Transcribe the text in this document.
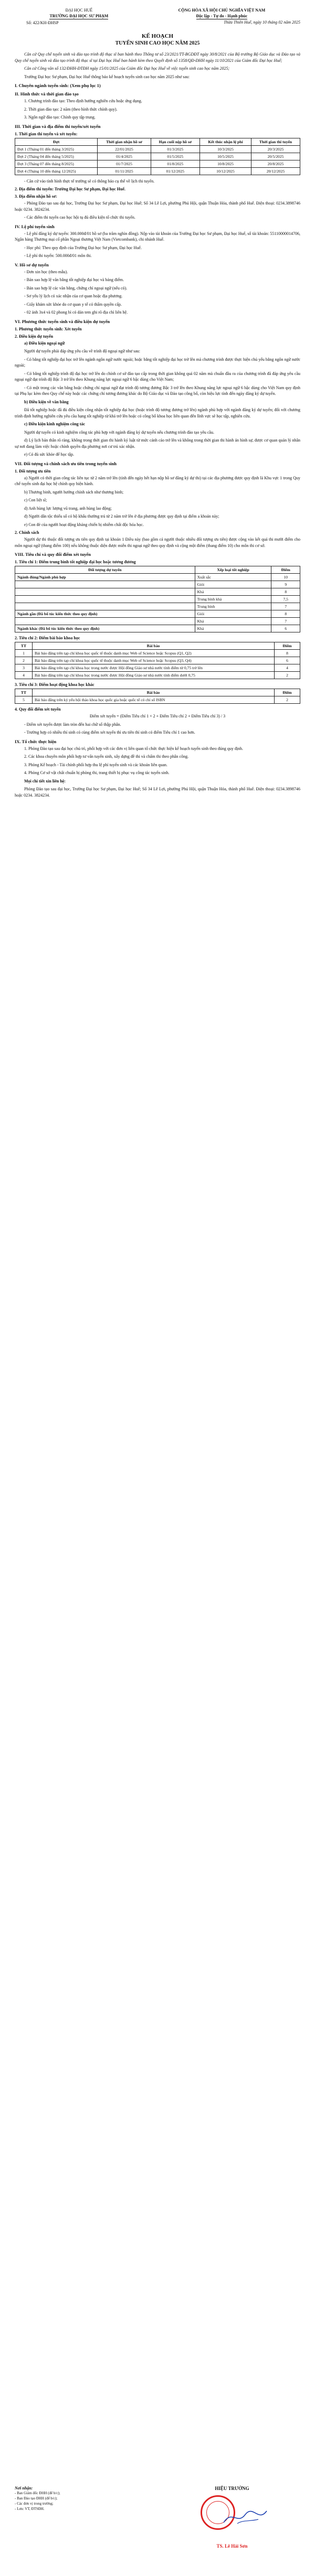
ĐẠI HỌC HUẾ
TRƯỜNG ĐẠI HỌC SƯ PHẠM
CỘNG HÒA XÃ HỘI CHỦ NGHĨA VIỆT NAM
Độc lập - Tự do - Hạnh phúc
Số: 422/KH-ĐHSP	Thừa Thiên Huế, ngày 10 tháng 02 năm 2025
KẾ HOẠCH
TUYỂN SINH CAO HỌC NĂM 2025

Căn cứ Quy chế tuyển sinh và đào tạo trình độ thạc sĩ ban hành theo Thông tư số 23/2021/TT-BGDĐT ngày 30/8/2021 của Bộ trưởng Bộ Giáo dục và Đào tạo và Quy chế tuyển sinh và đào tạo trình độ thạc sĩ tại Đại học Huế ban hành kèm theo Quyết định số 1358/QĐ-ĐHH ngày 11/10/2021 của Giám đốc Đại học Huế;

Căn cứ Công văn số 132/ĐHH-ĐTĐH ngày 15/01/2025 của Giám đốc Đại học Huế về việc tuyển sinh cao học năm 2025;

Trường Đại học Sư phạm, Đại học Huế thông báo kế hoạch tuyển sinh cao học năm 2025 như sau:

I. Chuyên ngành tuyển sinh: (Xem phụ lục 1)
II. Hình thức và thời gian đào tạo

1. Chương trình đào tạo: Theo định hướng nghiên cứu hoặc ứng dụng.

2. Thời gian đào tạo: 2 năm (theo hình thức chính quy).

3. Ngôn ngữ đào tạo: Chính quy tập trung.

III. Thời gian và địa điểm thi tuyển/xét tuyển
1. Thời gian thi tuyển và xét tuyển:
Đợt	Thời gian nhận hồ sơ	Hạn cuối nộp hồ sơ	Kết thúc nhận lệ phí	Thời gian thi tuyển
Đợt 1 (Tháng 01 đến tháng 3/2025)	22/01/2025	01/3/2025	10/3/2025	20/3/2025
Đợt 2 (Tháng 04 đến tháng 5/2025)	01/4/2025	01/5/2025	10/5/2025	20/5/2025
Đợt 3 (Tháng 07 đến tháng 8/2025)	01/7/2025	01/8/2025	10/8/2025	20/8/2025
Đợt 4 (Tháng 10 đến tháng 12/2025)	01/11/2025	01/12/2025	10/12/2025	20/12/2025

- Căn cứ vào tình hình thực tế trường sẽ có thông báo cụ thể về lịch thi tuyển.

2. Địa điểm thi tuyển: Trường Đại học Sư phạm, Đại học Huế.
3. Địa điểm nhận hồ sơ:

- Phòng Đào tạo sau đại học, Trường Đại học Sư phạm, Đại học Huế; Số 34 Lê Lợi, phường Phú Hội, quận Thuận Hóa, thành phố Huế. Điện thoại: 0234.3898746 hoặc 0234. 3824234.

- Các điểm thi tuyển cao học hội tụ đủ điều kiện tổ chức thi tuyển.

IV. Lệ phí tuyển sinh

- Lệ phí đăng ký dự tuyển: 300.000đ/01 hồ sơ (ba trăm nghìn đồng). Nộp vào tài khoản của Trường Đại học Sư phạm, Đại học Huế, số tài khoản: 55110000014706, Ngân hàng Thương mại cổ phần Ngoại thương Việt Nam (Vietcombank), chi nhánh Huế.

- Học phí: Theo quy định của Trường Đại học Sư phạm, Đại học Huế.

- Lệ phí thi tuyển: 500.000đ/01 môn thi.

V. Hồ sơ dự tuyển

- Đơn xin học (theo mẫu).

- Bản sao hợp lệ văn bằng tốt nghiệp đại học và bảng điểm.

- Bản sao hợp lệ các văn bằng, chứng chỉ ngoại ngữ (nếu có).

- Sơ yếu lý lịch có xác nhận của cơ quan hoặc địa phương.

- Giấy khám sức khỏe do cơ quan y tế có thẩm quyền cấp.

- 02 ảnh 3x4 và 02 phong bì có dán tem ghi rõ địa chỉ liên hệ.

VI. Phương thức tuyển sinh và điều kiện dự tuyển
1. Phương thức tuyển sinh: Xét tuyển
2. Điều kiện dự tuyển

a) Điều kiện ngoại ngữ

Người dự tuyển phải đáp ứng yêu cầu về trình độ ngoại ngữ như sau:

- Có bằng tốt nghiệp đại học trở lên ngành ngôn ngữ nước ngoài; hoặc bằng tốt nghiệp đại học trở lên mà chương trình được thực hiện chủ yếu bằng ngôn ngữ nước ngoài;

- Có bằng tốt nghiệp trình độ đại học trở lên do chính cơ sở đào tạo cấp trong thời gian không quá 02 năm mà chuẩn đầu ra của chương trình đã đáp ứng yêu cầu ngoại ngữ đạt trình độ Bậc 3 trở lên theo Khung năng lực ngoại ngữ 6 bậc dùng cho Việt Nam;

- Có một trong các văn bằng hoặc chứng chỉ ngoại ngữ đạt trình độ tương đương Bậc 3 trở lên theo Khung năng lực ngoại ngữ 6 bậc dùng cho Việt Nam quy định tại Phụ lục kèm theo Quy chế này hoặc các chứng chỉ tương đương khác do Bộ Giáo dục và Đào tạo công bố, còn hiệu lực tính đến ngày đăng ký dự tuyển.

b) Điều kiện về văn bằng

Đã tốt nghiệp hoặc đã đủ điều kiện công nhận tốt nghiệp đại học (hoặc trình độ tương đương trở lên) ngành phù hợp với ngành đăng ký dự tuyển; đối với chương trình định hướng nghiên cứu yêu cầu hạng tốt nghiệp từ khá trở lên hoặc có công bố khoa học liên quan đến lĩnh vực sẽ học tập, nghiên cứu.

c) Điều kiện kinh nghiệm công tác

Người dự tuyển có kinh nghiệm công tác phù hợp với ngành đăng ký dự tuyển nếu chương trình đào tạo yêu cầu.

d) Lý lịch bản thân rõ ràng, không trong thời gian thi hành kỷ luật từ mức cảnh cáo trở lên và không trong thời gian thi hành án hình sự, được cơ quan quản lý nhân sự nơi đang làm việc hoặc chính quyền địa phương nơi cư trú xác nhận.

e) Có đủ sức khỏe để học tập.

VII. Đối tượng và chính sách ưu tiên trong tuyển sinh
1. Đối tượng ưu tiên

a) Người có thời gian công tác liên tục từ 2 năm trở lên (tính đến ngày hết hạn nộp hồ sơ đăng ký dự thi) tại các địa phương được quy định là Khu vực 1 trong Quy chế tuyển sinh đại học hệ chính quy hiện hành.

b) Thương binh, người hưởng chính sách như thương binh;

c) Con liệt sĩ;

d) Anh hùng lực lượng vũ trang, anh hùng lao động;

đ) Người dân tộc thiểu số có hộ khẩu thường trú từ 2 năm trở lên ở địa phương được quy định tại điểm a khoản này;

e) Con đẻ của người hoạt động kháng chiến bị nhiễm chất độc hóa học.

2. Chính sách

Người dự thi thuộc đối tượng ưu tiên quy định tại khoản 1 Điều này (bao gồm cả người thuộc nhiều đối tượng ưu tiên) được cộng vào kết quả thi mười điểm cho môn ngoại ngữ (thang điểm 100) nếu không thuộc diện được miễn thi ngoại ngữ theo quy định và cộng một điểm (thang điểm 10) cho môn thi cơ sở.

VIII. Tiêu chí và quy đổi điểm xét tuyển
1. Tiêu chí 1: Điểm trung bình tốt nghiệp đại học hoặc tương đương
Đối tượng dự tuyển	Xếp loại tốt nghiệp	Điểm
Ngành đúng/Ngành phù hợp	Xuất sắc	10
	Giỏi	9
	Khá	8
	Trung bình khá	7,5
	Trung bình	7
Ngành gần (Đã bổ túc kiến thức theo quy định)	Giỏi	8
	Khá	7
Ngành khác (Đã bổ túc kiến thức theo quy định)	Khá	6
2. Tiêu chí 2: Điểm bài báo khoa học
TT	Bài báo	Điểm
1	Bài báo đăng trên tạp chí khoa học quốc tế thuộc danh mục Web of Science hoặc Scopus (Q1, Q2)	8
2	Bài báo đăng trên tạp chí khoa học quốc tế thuộc danh mục Web of Science hoặc Scopus (Q3, Q4)	6
3	Bài báo đăng trên tạp chí khoa học trong nước được Hội đồng Giáo sư nhà nước tính điểm từ 0,75 trở lên	4
4	Bài báo đăng trên tạp chí khoa học trong nước được Hội đồng Giáo sư nhà nước tính điểm dưới 0,75	2
3. Tiêu chí 3: Điểm hoạt động khoa học khác
TT	Bài báo	Điểm
5	Bài báo đăng trên kỷ yếu hội thảo khoa học quốc gia hoặc quốc tế có chỉ số ISBN	2
4. Quy đổi điểm xét tuyển

Điểm xét tuyển = (Điểm Tiêu chí 1 × 2 + Điểm Tiêu chí 2 + Điểm Tiêu chí 3) / 3

- Điểm xét tuyển được làm tròn đến hai chữ số thập phân.

- Trường hợp có nhiều thí sinh có cùng điểm xét tuyển thì ưu tiên thí sinh có điểm Tiêu chí 1 cao hơn.

IX. Tổ chức thực hiện

1. Phòng Đào tạo sau đại học chủ trì, phối hợp với các đơn vị liên quan tổ chức thực hiện kế hoạch tuyển sinh theo đúng quy định.

2. Các khoa chuyên môn phối hợp tư vấn tuyển sinh, xây dựng đề thi và chấm thi theo phân công.

3. Phòng Kế hoạch - Tài chính phối hợp thu lệ phí tuyển sinh và các khoản liên quan.

4. Phòng Cơ sở vật chất chuẩn bị phòng thi, trang thiết bị phục vụ công tác tuyển sinh.

Mọi chi tiết xin liên hệ:

Phòng Đào tạo sau đại học, Trường Đại học Sư phạm, Đại học Huế; Số 34 Lê Lợi, phường Phú Hội, quận Thuận Hóa, thành phố Huế. Điện thoại: 0234.3898746 hoặc 0234. 3824234.

Nơi nhận:
- Ban Giám đốc ĐHH (để b/c);
- Ban Đào tạo ĐHH (để b/c);
- Các đơn vị trong trường;
- Lưu: VT, ĐTSĐH.
HIỆU TRƯỞNG
TS. Lê Hải Sơn
